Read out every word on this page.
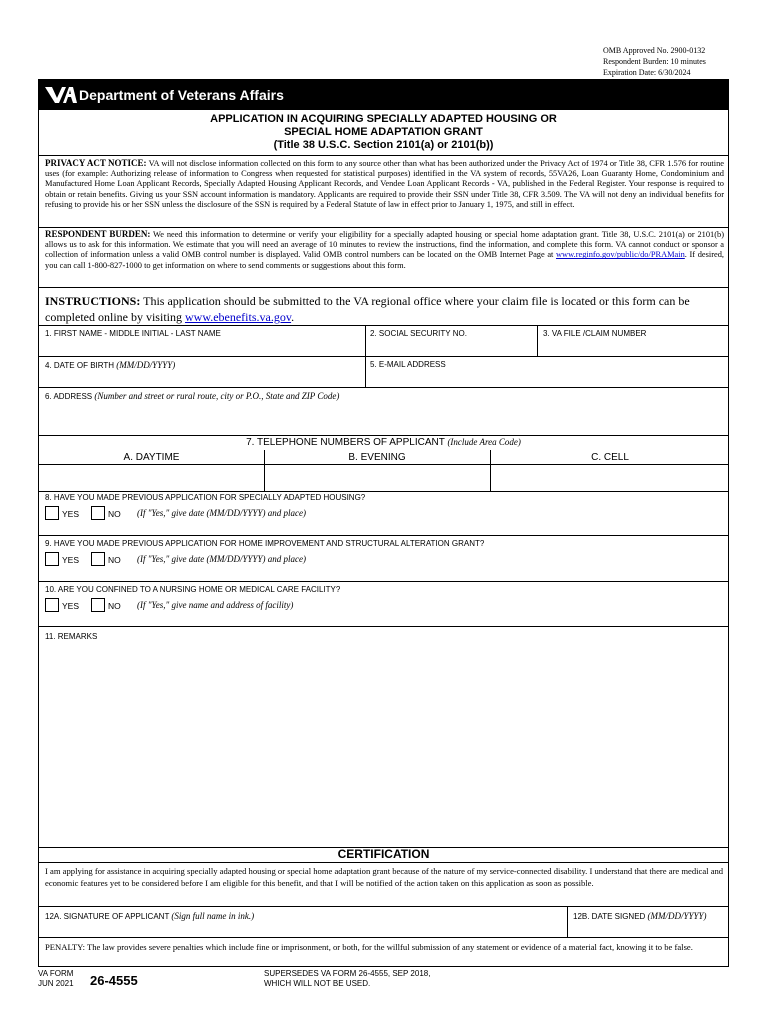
OMB Approved No. 2900-0132
Respondent Burden: 10 minutes
Expiration Date: 6/30/2024
VA
Department of Veterans Affairs
APPLICATION IN ACQUIRING SPECIALLY ADAPTED HOUSING OR
SPECIAL HOME ADAPTATION GRANT
(Title 38 U.S.C. Section 2101(a) or 2101(b))
PRIVACY ACT NOTICE: VA will not disclose information collected on this form to any source other than what has been authorized under the Privacy Act of 1974 or Title 38, CFR 1.576 for routine uses (for example: Authorizing release of information to Congress when requested for statistical purposes) identified in the VA system of records, 55VA26, Loan Guaranty Home, Condominium and Manufactured Home Loan Applicant Records, Specially Adapted Housing Applicant Records, and Vendee Loan Applicant Records - VA, published in the Federal Register. Your response is required to obtain or retain benefits. Giving us your SSN account information is mandatory. Applicants are required to provide their SSN under Title 38, CFR 3.509. The VA will not deny an individual benefits for refusing to provide his or her SSN unless the disclosure of the SSN is required by a Federal Statute of law in effect prior to January 1, 1975, and still in effect.
RESPONDENT BURDEN: We need this information to determine or verify your eligibility for a specially adapted housing or special home adaptation grant. Title 38, U.S.C. 2101(a) or 2101(b) allows us to ask for this information. We estimate that you will need an average of 10 minutes to review the instructions, find the information, and complete this form. VA cannot conduct or sponsor a collection of information unless a valid OMB control number is displayed. Valid OMB control numbers can be located on the OMB Internet Page at www.reginfo.gov/public/do/PRAMain. If desired, you can call 1-800-827-1000 to get information on where to send comments or suggestions about this form.
INSTRUCTIONS: This application should be submitted to the VA regional office where your claim file is located or this form can be completed online by visiting www.ebenefits.va.gov.
1. FIRST NAME - MIDDLE INITIAL - LAST NAME	2. SOCIAL SECURITY NO.	3. VA FILE /CLAIM NUMBER
4. DATE OF BIRTH (MM/DD/YYYY)	5. E-MAIL ADDRESS
6. ADDRESS (Number and street or rural route, city or P.O., State and ZIP Code)
7. TELEPHONE NUMBERS OF APPLICANT (Include Area Code)
A. DAYTIME	B. EVENING	C. CELL
8. HAVE YOU MADE PREVIOUS APPLICATION FOR SPECIALLY ADAPTED HOUSING?
YES	NO (If "Yes," give date (MM/DD/YYYY) and place)
9. HAVE YOU MADE PREVIOUS APPLICATION FOR HOME IMPROVEMENT AND STRUCTURAL ALTERATION GRANT?
YES	NO (If "Yes," give date (MM/DD/YYYY) and place)
10. ARE YOU CONFINED TO A NURSING HOME OR MEDICAL CARE FACILITY?
YES	NO (If "Yes," give name and address of facility)
11. REMARKS
CERTIFICATION
I am applying for assistance in acquiring specially adapted housing or special home adaptation grant because of the nature of my service-connected disability. I understand that there are medical and economic features yet to be considered before I am eligible for this benefit, and that I will be notified of the action taken on this application as soon as possible.
12A. SIGNATURE OF APPLICANT (Sign full name in ink.)	12B. DATE SIGNED (MM/DD/YYYY)
PENALTY: The law provides severe penalties which include fine or imprisonment, or both, for the willful submission of any statement or evidence of a material fact, knowing it to be false.
VA FORM
JUN 2021 26-4555	SUPERSEDES VA FORM 26-4555, SEP 2018,
WHICH WILL NOT BE USED.
